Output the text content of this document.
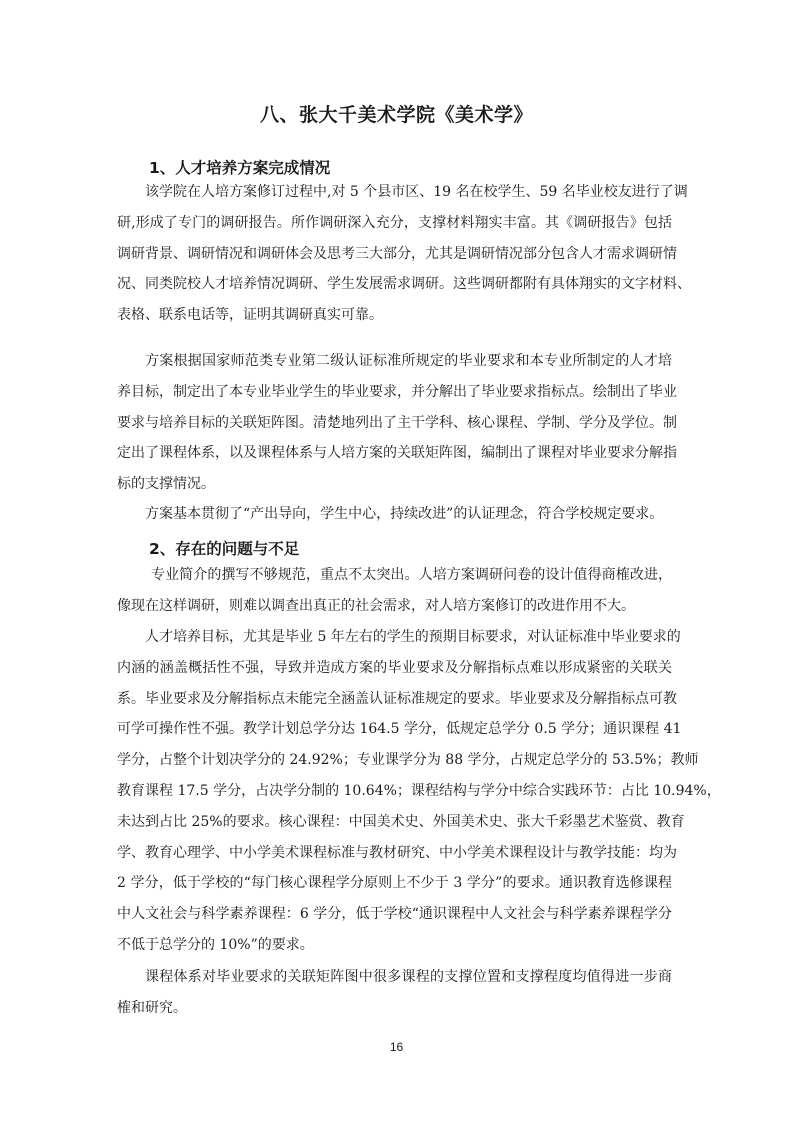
八、张大千美术学院《美术学》
1、人才培养方案完成情况
该学院在人培方案修订过程中,对 5 个县市区、19 名在校学生、59 名毕业校友进行了调
研,形成了专门的调研报告。所作调研深入充分，支撑材料翔实丰富。其《调研报告》包括
调研背景、调研情况和调研体会及思考三大部分，尤其是调研情况部分包含人才需求调研情
况、同类院校人才培养情况调研、学生发展需求调研。这些调研都附有具体翔实的文字材料、
表格、联系电话等，证明其调研真实可靠。
方案根据国家师范类专业第二级认证标准所规定的毕业要求和本专业所制定的人才培
养目标，制定出了本专业毕业学生的毕业要求，并分解出了毕业要求指标点。绘制出了毕业
要求与培养目标的关联矩阵图。清楚地列出了主干学科、核心课程、学制、学分及学位。制
定出了课程体系，以及课程体系与人培方案的关联矩阵图，编制出了课程对毕业要求分解指
标的支撑情况。
方案基本贯彻了“产出导向，学生中心，持续改进”的认证理念，符合学校规定要求。
2、存在的问题与不足
专业简介的撰写不够规范，重点不太突出。人培方案调研问卷的设计值得商榷改进，
像现在这样调研，则难以调查出真正的社会需求，对人培方案修订的改进作用不大。
人才培养目标，尤其是毕业 5 年左右的学生的预期目标要求，对认证标准中毕业要求的
内涵的涵盖概括性不强，导致并造成方案的毕业要求及分解指标点难以形成紧密的关联关
系。毕业要求及分解指标点未能完全涵盖认证标准规定的要求。毕业要求及分解指标点可教
可学可操作性不强。教学计划总学分达 164.5 学分，低规定总学分 0.5 学分；通识课程 41
学分，占整个计划决学分的 24.92%；专业课学分为 88 学分，占规定总学分的 53.5%；教师
教育课程 17.5 学分，占决学分制的 10.64%；课程结构与学分中综合实践环节：占比 10.94%，
未达到占比 25%的要求。核心课程：中国美术史、外国美术史、张大千彩墨艺术鉴赏、教育
学、教育心理学、中小学美术课程标准与教材研究、中小学美术课程设计与教学技能：均为
2 学分，低于学校的“每门核心课程学分原则上不少于 3 学分”的要求。通识教育选修课程
中人文社会与科学素养课程：6 学分，低于学校“通识课程中人文社会与科学素养课程学分
不低于总学分的 10%”的要求。
课程体系对毕业要求的关联矩阵图中很多课程的支撑位置和支撑程度均值得进一步商
榷和研究。
16
